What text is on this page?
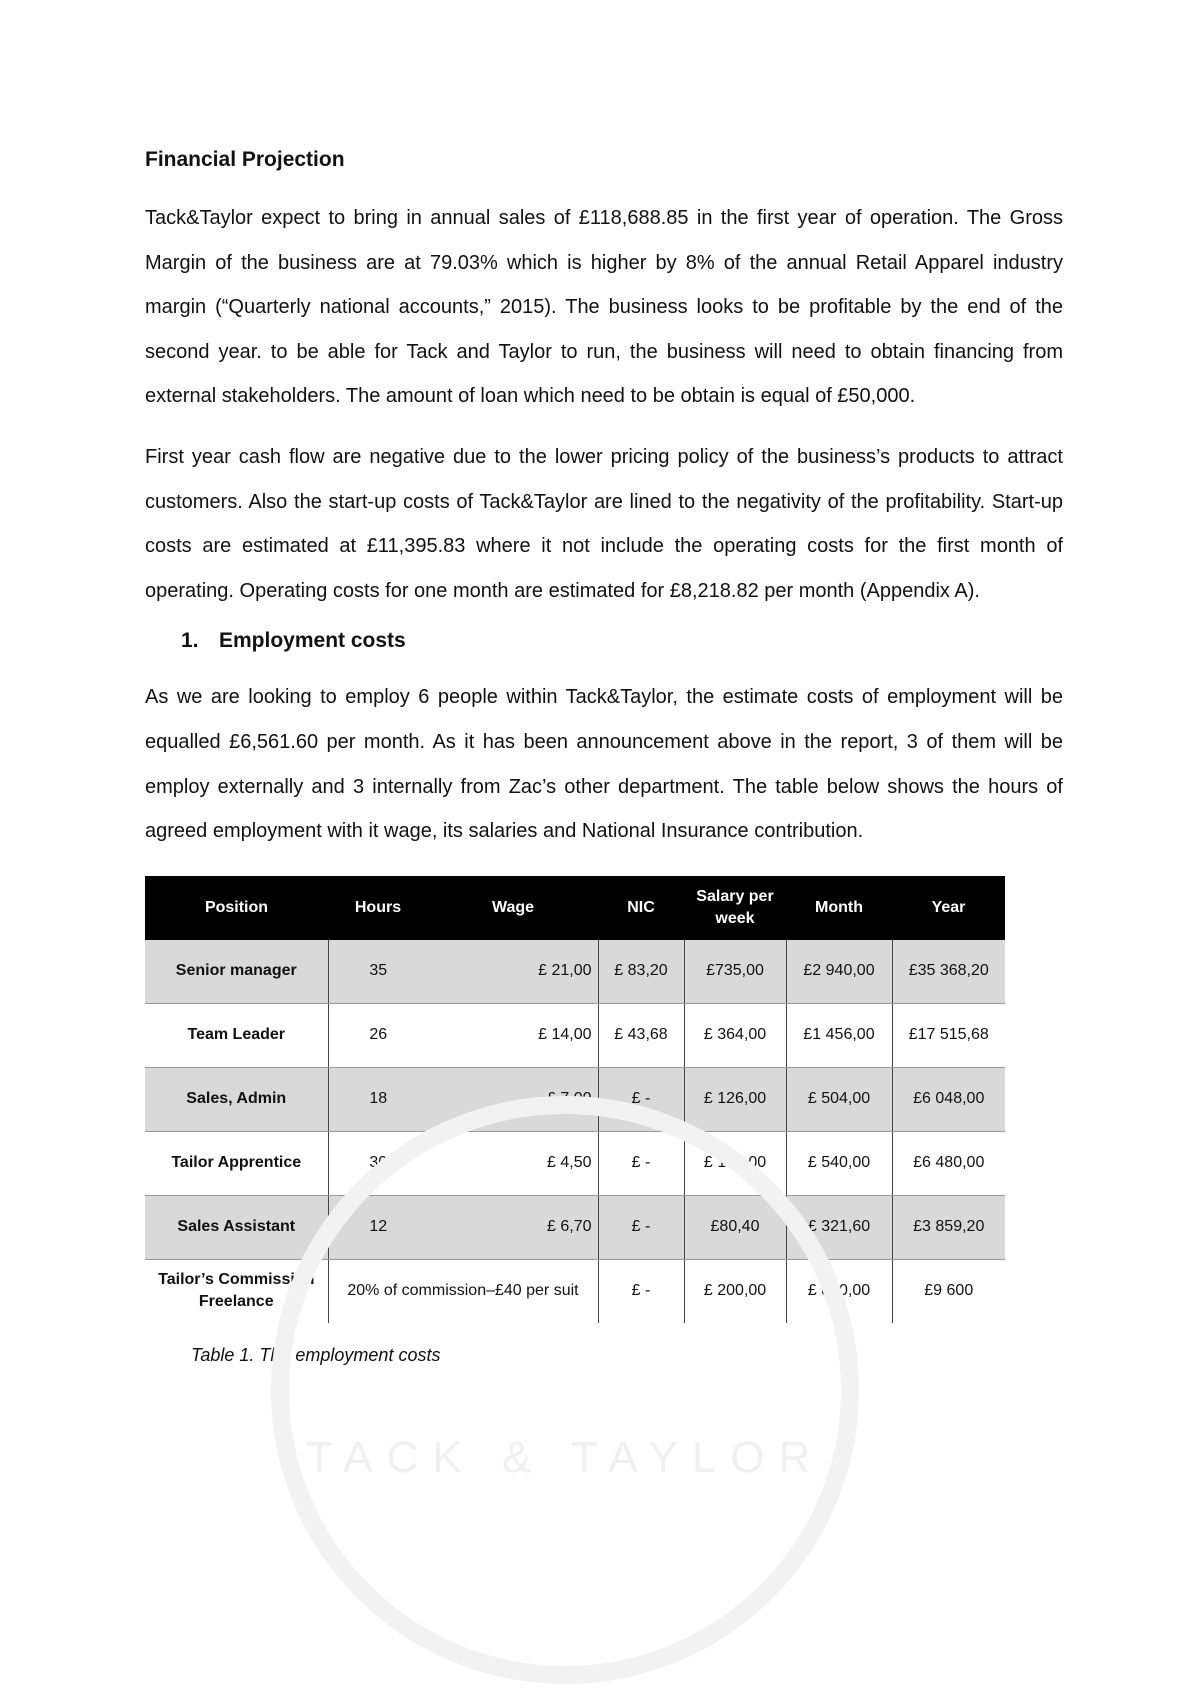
Financial Projection

Tack&Taylor expect to bring in annual sales of £118,688.85 in the first year of operation. The Gross Margin of the business are at 79.03% which is higher by 8% of the annual Retail Apparel industry margin (“Quarterly national accounts,” 2015). The business looks to be profitable by the end of the second year. to be able for Tack and Taylor to run, the business will need to obtain financing from external stakeholders. The amount of loan which need to be obtain is equal of £50,000.

First year cash flow are negative due to the lower pricing policy of the business’s products to attract customers. Also the start-up costs of Tack&Taylor are lined to the negativity of the profitability. Start-up costs are estimated at £11,395.83 where it not include the operating costs for the first month of operating. Operating costs for one month are estimated for £8,218.82 per month (Appendix A).

1. Employment costs

As we are looking to employ 6 people within Tack&Taylor, the estimate costs of employment will be equalled £6,561.60 per month. As it has been announcement above in the report, 3 of them will be employ externally and 3 internally from Zac’s other department. The table below shows the hours of agreed employment with it wage, its salaries and National Insurance contribution.

Position	Hours	Wage	NIC	Salary per week	Month	Year
Senior manager	35	£ 21,00	£ 83,20	£735,00	£2 940,00	£35 368,20
Team Leader	26	£ 14,00	£ 43,68	£ 364,00	£1 456,00	£17 515,68
Sales, Admin	18	£ 7,00	£ -	£ 126,00	£ 504,00	£6 048,00
Tailor Apprentice	30	£ 4,50	£ -	£ 135,00	£ 540,00	£6 480,00
Sales Assistant	12	£ 6,70	£ -	£80,40	£ 321,60	£3 859,20
Tailor’s Commission Freelance	20% of commission–£40 per suit		£ -	£ 200,00	£ 800,00	£9 600
Table 1. The employment costs
TACK & TAYLOR
